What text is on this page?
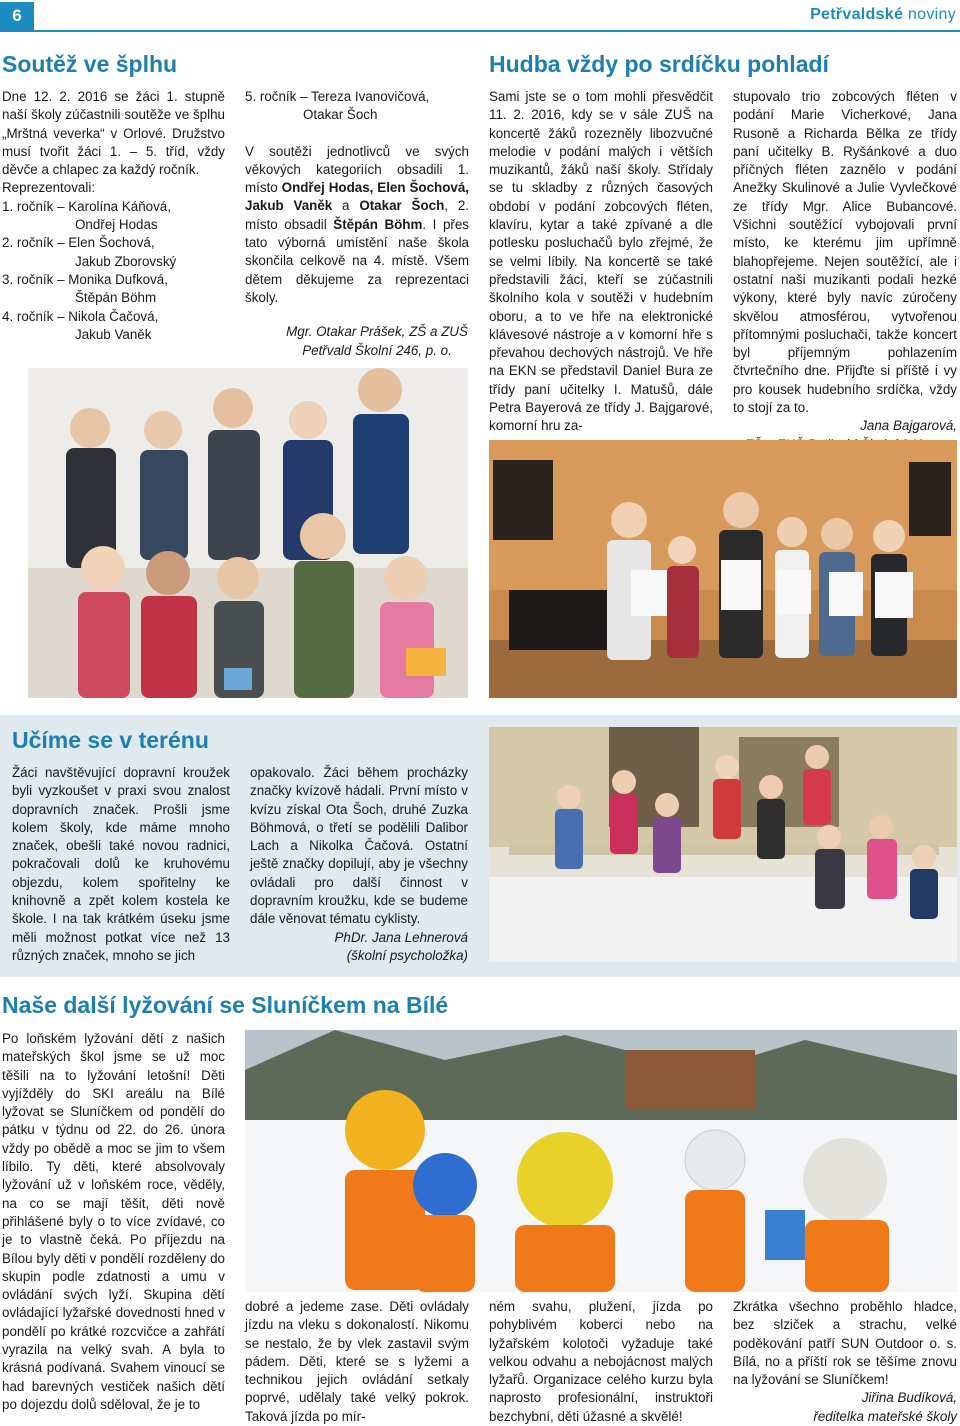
6	Petřvaldské noviny
Soutěž ve šplhu

Dne 12. 2. 2016 se žáci 1. stupně naší školy zúčastnili soutěže ve šplhu „Mrštná veverka“ v Orlové. Družstvo musí tvořit žáci 1. – 5. tříd, vždy děvče a chlapec za každý ročník.

Reprezentovali:

1. ročník – Karolína Káňová,

Ondřej Hodas

2. ročník – Elen Šochová,

Jakub Zborovský

3. ročník – Monika Dufková,

Štěpán Böhm

4. ročník – Nikola Čačová,

Jakub Vaněk

5. ročník – Tereza Ivanovičová,

Otakar Šoch

V soutěži jednotlivců ve svých věkových kategoriích obsadili 1. místo Ondřej Hodas, Elen Šochová, Jakub Vaněk a Otakar Šoch, 2. místo obsadil Štěpán Böhm. I přes tato výborná umístění naše škola skončila celkově na 4. místě. Všem dětem děkujeme za reprezentaci školy.

Mgr. Otakar Prášek, ZŠ a ZUŠ

Petřvald Školní 246, p. o.

Hudba vždy po srdíčku pohladí

Sami jste se o tom mohli přesvědčit 11. 2. 2016, kdy se v sále ZUŠ na koncertě žáků rozezněly libozvučné melodie v podání malých i větších muzikantů, žáků naší školy. Střídaly se tu skladby z různých časových období v podání zobcových fléten, klavíru, kytar a také zpívané a dle potlesku posluchačů bylo zřejmé, že se velmi líbily. Na koncertě se také představili žáci, kteří se zúčastnili školního kola v soutěži v hudebním oboru, a to ve hře na elektronické klávesové nástroje a v komorní hře s převahou dechových nástrojů. Ve hře na EKN se představil Daniel Bura ze třídy paní učitelky I. Matušů, dále Petra Bayerová ze třídy J. Bajgarové, komorní hru za-

stupovalo trio zobcových fléten v podání Marie Vicherkové, Jana Rusoně a Richarda Bělka ze třídy paní učitelky B. Ryšánkové a duo příčných fléten zaznělo v podání Anežky Skulinové a Julie Vyvlečkové ze třídy Mgr. Alice Bubancové. Všichni soutěžící vybojovali první místo, ke kterému jim upřímně blahopřejeme. Nejen soutěžící, ale i ostatní naši muzikanti podali hezké výkony, které byly navíc zúročeny skvělou atmosférou, vytvořenou přítomnými posluchači, takže koncert byl příjemným pohlazením čtvrtečního dne. Přijďte si příště i vy pro kousek hudebního srdíčka, vždy to stojí za to.

Jana Bajgarová,

Učíme se v terénu

Žáci navštěvující dopravní kroužek byli vyzkoušet v praxi svou znalost dopravních značek. Prošli jsme kolem školy, kde máme mnoho značek, obešli také novou radnici, pokračovali dolů ke kruhovému objezdu, kolem spořitelny ke knihovně a zpět kolem kostela ke škole. I na tak krátkém úseku jsme měli možnost potkat více než 13 různých značek, mnoho se jich

opakovalo. Žáci během procházky značky kvízově hádali. První místo v kvízu získal Ota Šoch, druhé Zuzka Böhmová, o třetí se podělili Dalibor Lach a Nikolka Čačová. Ostatní ještě značky dopilují, aby je všechny ovládali pro další činnost v dopravním kroužku, kde se budeme dále věnovat tématu cyklisty.

PhDr. Jana Lehnerová

(školní psycholožka)

Naše další lyžování se Sluníčkem na Bílé

Po loňském lyžování dětí z našich mateřských škol jsme se už moc těšili na to lyžování letošní! Děti vyjížděly do SKI areálu na Bílé lyžovat se Sluníčkem od pondělí do pátku v týdnu od 22. do 26. února vždy po obědě a moc se jim to všem líbilo. Ty děti, které absolvovaly lyžování už v loňském roce, věděly, na co se mají těšit, děti nově přihlášené byly o to více zvídavé, co je to vlastně čeká. Po příjezdu na Bílou byly děti v pondělí rozděleny do skupin podle zdatnosti a umu v ovládání svých lyží. Skupina dětí ovládající lyžařské dovednosti hned v pondělí po krátké rozcvičce a zahřátí vyrazila na velký svah. A byla to krásná podívaná. Svahem vinoucí se had barevných vestiček našich dětí po dojezdu dolů sděloval, že je to

dobré a jedeme zase. Děti ovládaly jízdu na vleku s dokonalostí. Nikomu se nestalo, že by vlek zastavil svým pádem. Děti, které se s lyžemi a technikou jejich ovládání setkaly poprvé, udělaly také velký pokrok. Taková jízda po mír-

ném svahu, plužení, jízda po pohyblivém koberci nebo na lyžařském kolotoči vyžaduje také velkou odvahu a nebojácnost malých lyžařů. Organizace celého kurzu byla naprosto profesionální, instruktoři bezchybní, děti úžasné a skvělé!

Zkrátka všechno proběhlo hladce, bez slziček a strachu, velké poděkování patří SUN Outdoor o. s. Bílá, no a příští rok se těšíme znovu na lyžování se Sluníčkem!

Jiřina Budíková,

ředitelka mateřské školy
